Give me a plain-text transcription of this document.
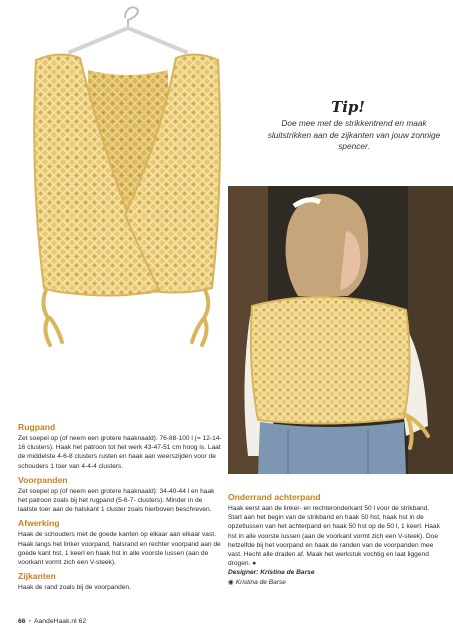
Tip!
Doe mee met de strikkentrend en maak sluitstrikken aan de zijkanten van jouw zonnige spencer.
Rugpand

Zet soepel op (of neem een grotere haaknaald): 76-88-100 l (= 12-14-16 clusters). Haak het patroon tot het werk 43-47-51 cm hoog is. Laat de middelste 4-6-8 clusters rusten en haak aan weerszijden voor de schouders 1 toer van 4-4-4 clusters.

Voorpanden

Zet soepel op (of neem een grotere haaknaald): 34-40-44 l en haak het patroon zoals bij het rugpand (5-6-7- clusters). Minder in de laatste toer aan de halskant 1 cluster zoals hierboven beschreven.

Afwerking

Haak de schouders met de goede kanten op elkaar aan elkaar vast. Haak langs het linker voorpand, halsrand en rechter voorpand aan de goede kant hst, 1 keerl en haak hst in alle voorste lussen (aan de voorkant vormt zich een V-steek).

Zijkanten

Haak de rand zoals bij de voorpanden.

Onderrand achterpand

Haak eerst aan de linker- en rechteronderkant 50 l voor de strikband. Start aan het begin van de strikband en haak 50 hst, haak hst in de opzetlussen van het achterpand en haak 50 hst op de 50 l, 1 keerl. Haak hst in alle voorste lussen (aan de voorkant vormt zich een V-steek). Doe hetzelfde bij het voorpand en haak de randen van de voorpanden mee vast. Hecht alle draden af. Maak het werkstuk vochtig en laat liggend drogen. ●

Designer: Kristina de Barse
◉ Kristina de Barse
66 • AandeHaak.nl 62
